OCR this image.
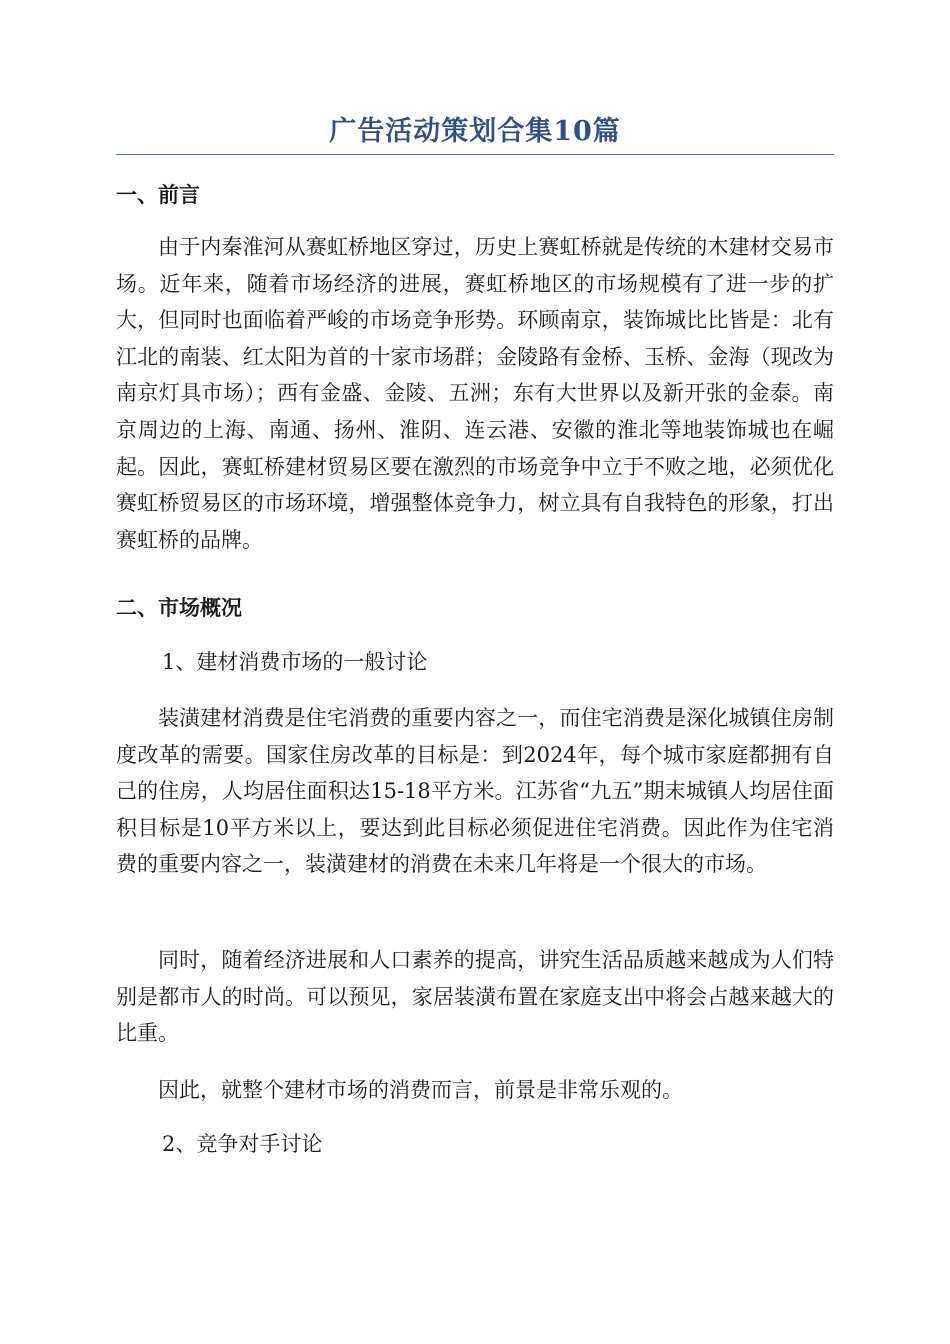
广告活动策划合集10篇
一、前言

由于内秦淮河从赛虹桥地区穿过，历史上赛虹桥就是传统的木建材交易市场。近年来，随着市场经济的进展，赛虹桥地区的市场规模有了进一步的扩大，但同时也面临着严峻的市场竞争形势。环顾南京，装饰城比比皆是：北有江北的南装、红太阳为首的十家市场群；金陵路有金桥、玉桥、金海（现改为南京灯具市场）；西有金盛、金陵、五洲；东有大世界以及新开张的金泰。南京周边的上海、南通、扬州、淮阴、连云港、安徽的淮北等地装饰城也在崛起。因此，赛虹桥建材贸易区要在激烈的市场竞争中立于不败之地，必须优化赛虹桥贸易区的市场环境，增强整体竞争力，树立具有自我特色的形象，打出赛虹桥的品牌。

二、市场概况

1、建材消费市场的一般讨论

装潢建材消费是住宅消费的重要内容之一，而住宅消费是深化城镇住房制度改革的需要。国家住房改革的目标是：到2024年，每个城市家庭都拥有自己的住房，人均居住面积达15-18平方米。江苏省“九五”期末城镇人均居住面积目标是10平方米以上，要达到此目标必须促进住宅消费。因此作为住宅消费的重要内容之一，装潢建材的消费在未来几年将是一个很大的市场。

同时，随着经济进展和人口素养的提高，讲究生活品质越来越成为人们特别是都市人的时尚。可以预见，家居装潢布置在家庭支出中将会占越来越大的比重。

因此，就整个建材市场的消费而言，前景是非常乐观的。

2、竞争对手讨论
